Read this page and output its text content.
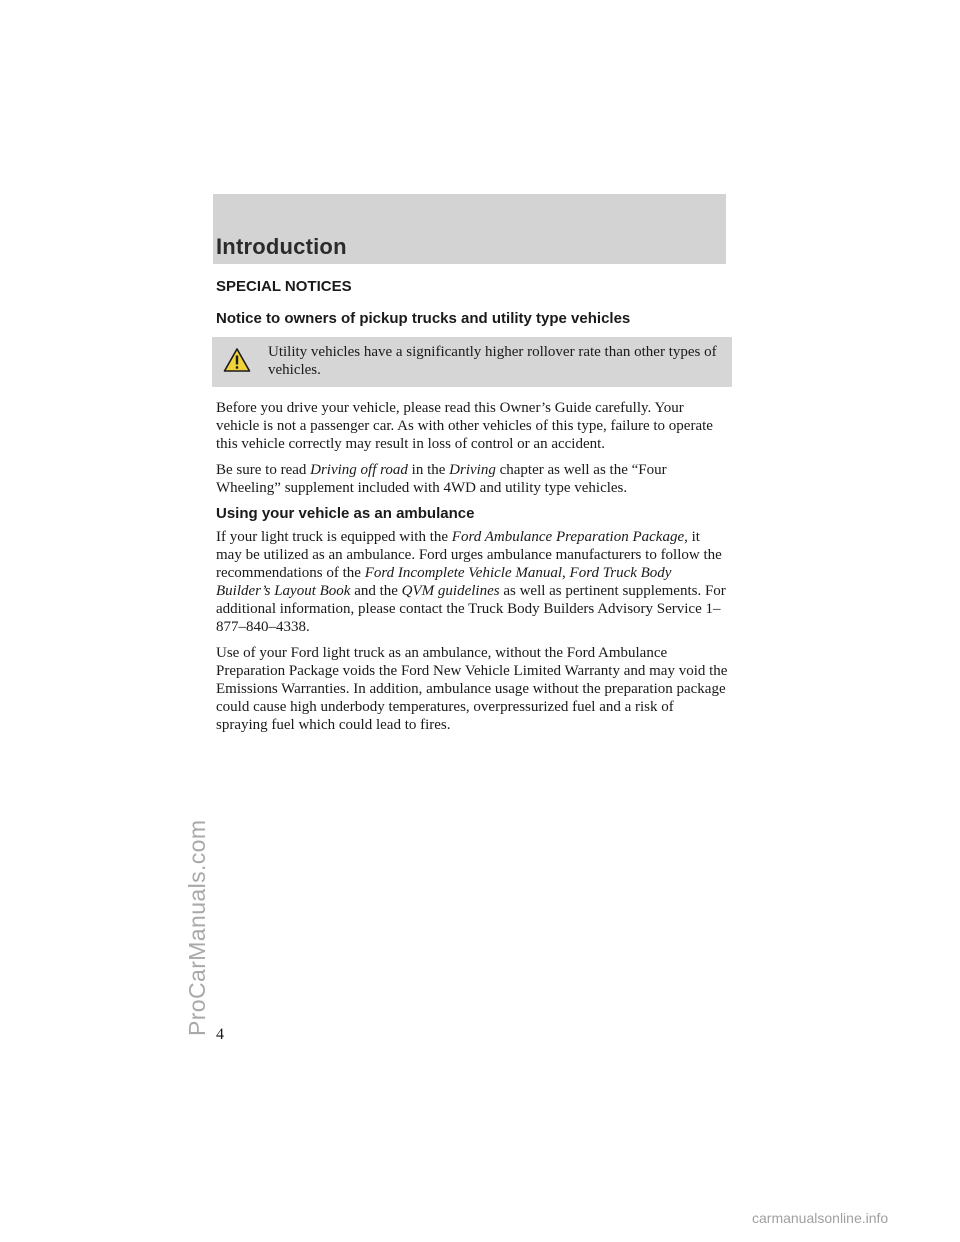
Introduction
SPECIAL NOTICES
Notice to owners of pickup trucks and utility type vehicles
Utility vehicles have a significantly higher rollover rate than other types of vehicles.

Before you drive your vehicle, please read this Owner’s Guide carefully. Your vehicle is not a passenger car. As with other vehicles of this type, failure to operate this vehicle correctly may result in loss of control or an accident.

Be sure to read Driving off road in the Driving chapter as well as the “Four Wheeling” supplement included with 4WD and utility type vehicles.

Using your vehicle as an ambulance

If your light truck is equipped with the Ford Ambulance Preparation Package, it may be utilized as an ambulance. Ford urges ambulance manufacturers to follow the recommendations of the Ford Incomplete Vehicle Manual, Ford Truck Body Builder’s Layout Book and the QVM guidelines as well as pertinent supplements. For additional information, please contact the Truck Body Builders Advisory Service 1–877–840–4338.

Use of your Ford light truck as an ambulance, without the Ford Ambulance Preparation Package voids the Ford New Vehicle Limited Warranty and may void the Emissions Warranties. In addition, ambulance usage without the preparation package could cause high underbody temperatures, overpressurized fuel and a risk of spraying fuel which could lead to fires.

4
ProCarManuals.com
carmanualsonline.info
